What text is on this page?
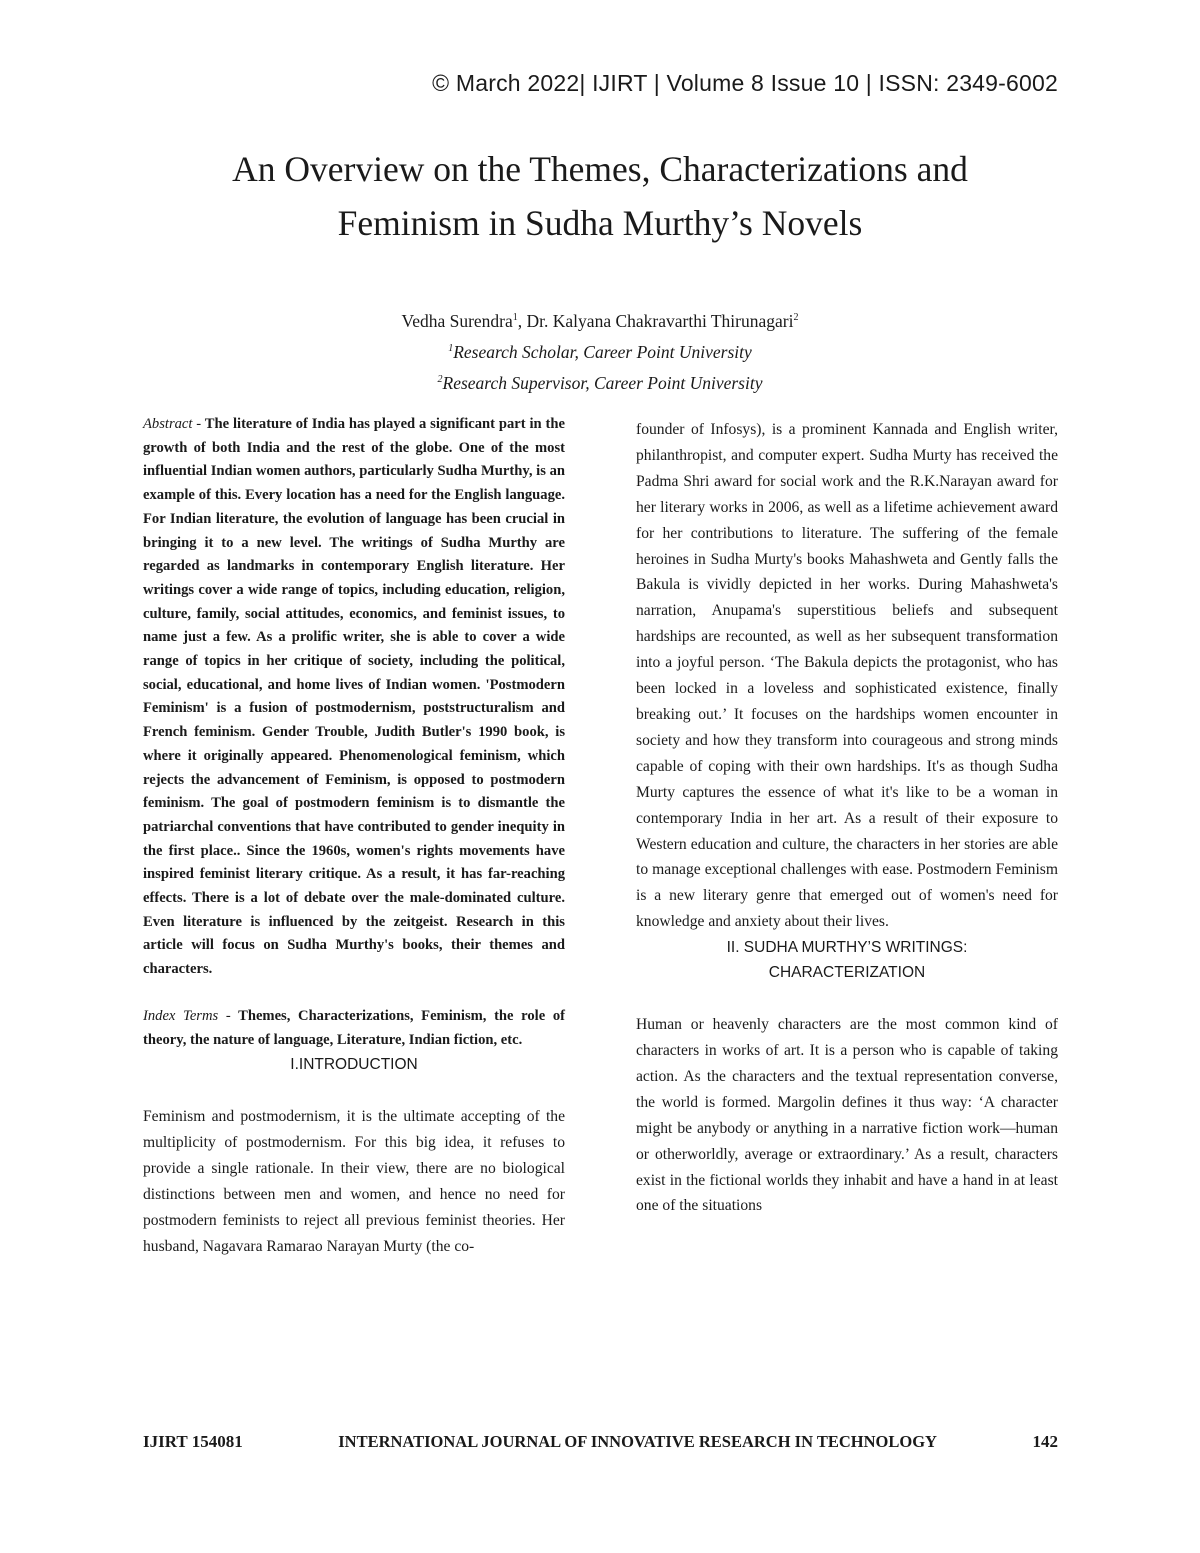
© March 2022| IJIRT | Volume 8 Issue 10 | ISSN: 2349-6002
An Overview on the Themes, Characterizations and
Feminism in Sudha Murthy’s Novels
Vedha Surendra$^1$, Dr. Kalyana Chakravarthi Thirunagari$^2$
$^1$Research Scholar, Career Point University
$^2$Research Supervisor, Career Point University

Abstract - The literature of India has played a significant part in the growth of both India and the rest of the globe. One of the most influential Indian women authors, particularly Sudha Murthy, is an example of this. Every location has a need for the English language. For Indian literature, the evolution of language has been crucial in bringing it to a new level. The writings of Sudha Murthy are regarded as landmarks in contemporary English literature. Her writings cover a wide range of topics, including education, religion, culture, family, social attitudes, economics, and feminist issues, to name just a few. As a prolific writer, she is able to cover a wide range of topics in her critique of society, including the political, social, educational, and home lives of Indian women. 'Postmodern Feminism' is a fusion of postmodernism, poststructuralism and French feminism. Gender Trouble, Judith Butler's 1990 book, is where it originally appeared. Phenomenological feminism, which rejects the advancement of Feminism, is opposed to postmodern feminism. The goal of postmodern feminism is to dismantle the patriarchal conventions that have contributed to gender inequity in the first place.. Since the 1960s, women's rights movements have inspired feminist literary critique. As a result, it has far-reaching effects. There is a lot of debate over the male-dominated culture. Even literature is influenced by the zeitgeist. Research in this article will focus on Sudha Murthy's books, their themes and characters.

Index Terms - Themes, Characterizations, Feminism, the role of theory, the nature of language, Literature, Indian fiction, etc.

I.INTRODUCTION

Feminism and postmodernism, it is the ultimate accepting of the multiplicity of postmodernism. For this big idea, it refuses to provide a single rationale. In their view, there are no biological distinctions between men and women, and hence no need for postmodern feminists to reject all previous feminist theories. Her husband, Nagavara Ramarao Narayan Murty (the co-

founder of Infosys), is a prominent Kannada and English writer, philanthropist, and computer expert. Sudha Murty has received the Padma Shri award for social work and the R.K.Narayan award for her literary works in 2006, as well as a lifetime achievement award for her contributions to literature. The suffering of the female heroines in Sudha Murty's books Mahashweta and Gently falls the Bakula is vividly depicted in her works. During Mahashweta's narration, Anupama's superstitious beliefs and subsequent hardships are recounted, as well as her subsequent transformation into a joyful person. ‘The Bakula depicts the protagonist, who has been locked in a loveless and sophisticated existence, finally breaking out.’ It focuses on the hardships women encounter in society and how they transform into courageous and strong minds capable of coping with their own hardships. It's as though Sudha Murty captures the essence of what it's like to be a woman in contemporary India in her art. As a result of their exposure to Western education and culture, the characters in her stories are able to manage exceptional challenges with ease. Postmodern Feminism is a new literary genre that emerged out of women's need for knowledge and anxiety about their lives.

II. SUDHA MURTHY’S WRITINGS:

CHARACTERIZATION

Human or heavenly characters are the most common kind of characters in works of art. It is a person who is capable of taking action. As the characters and the textual representation converse, the world is formed. Margolin defines it thus way: ‘A character might be anybody or anything in a narrative fiction work—human or otherworldly, average or extraordinary.’ As a result, characters exist in the fictional worlds they inhabit and have a hand in at least one of the situations

IJIRT 154081	INTERNATIONAL JOURNAL OF INNOVATIVE RESEARCH IN TECHNOLOGY	142
